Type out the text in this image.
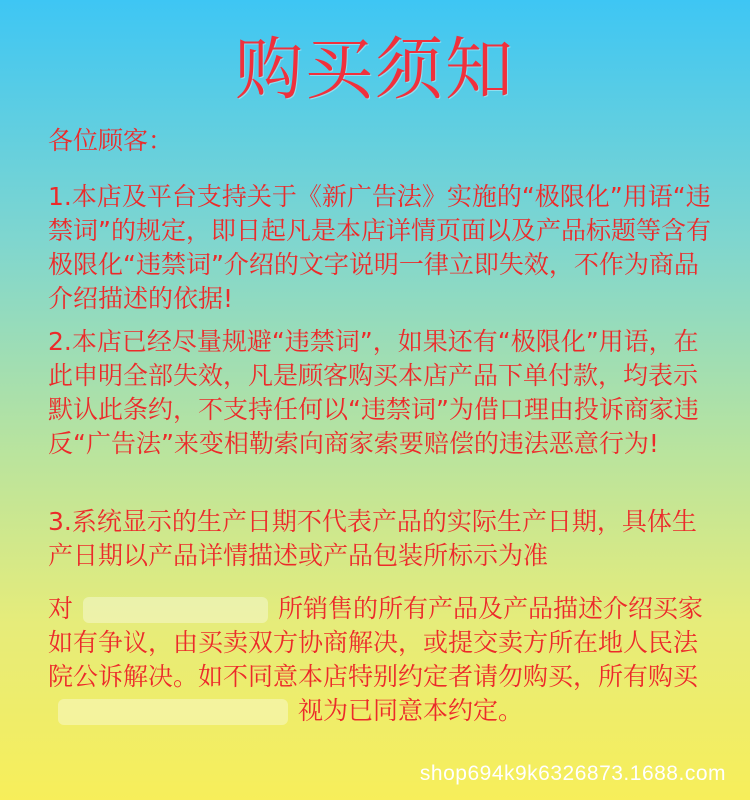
购买须知
各位顾客：
1.本店及平台支持关于《新广告法》实施的“极限化”用语“违禁词”的规定，即日起凡是本店详情页面以及产品标题等含有极限化“违禁词”介绍的文字说明一律立即失效，不作为商品介绍描述的依据!
2.本店已经尽量规避“违禁词”，如果还有“极限化”用语，在此申明全部失效，凡是顾客购买本店产品下单付款，均表示默认此条约，不支持任何以“违禁词”为借口理由投诉商家违反“广告法”来变相勒索向商家索要赔偿的违法恶意行为!
3.系统显示的生产日期不代表产品的实际生产日期，具体生产日期以产品详情描述或产品包装所标示为准
对	所销售的所有产品及产品描述介绍买家如有争议，由买卖双方协商解决，或提交卖方所在地人民法院公诉解决。如不同意本店特别约定者请勿购买，所有购买视为已同意本约定。
shop694k9k6326873.1688.com
